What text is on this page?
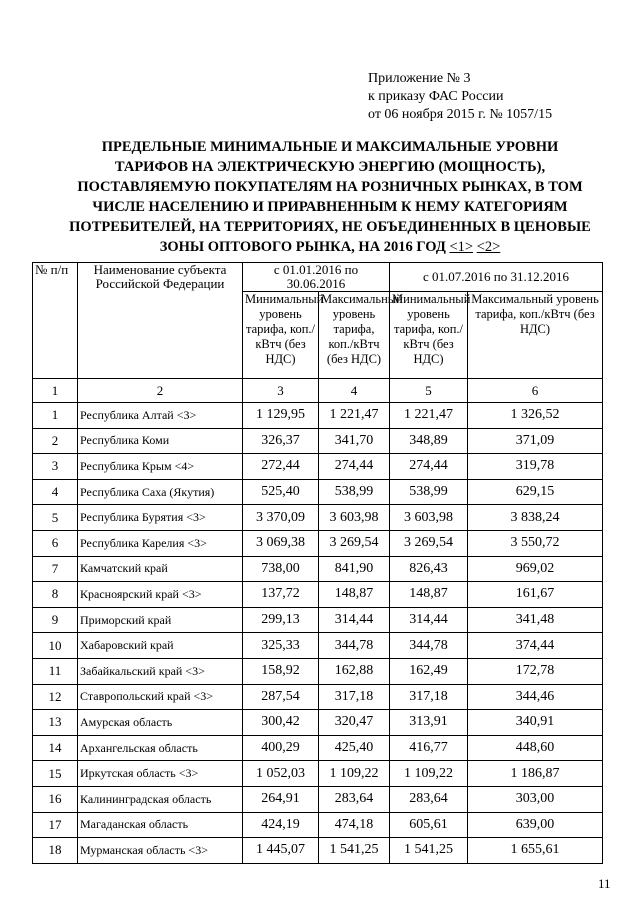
Приложение № 3
к приказу ФАС России
от 06 ноября 2015 г. № 1057/15
ПРЕДЕЛЬНЫЕ МИНИМАЛЬНЫЕ И МАКСИМАЛЬНЫЕ УРОВНИ
ТАРИФОВ НА ЭЛЕКТРИЧЕСКУЮ ЭНЕРГИЮ (МОЩНОСТЬ),
ПОСТАВЛЯЕМУЮ ПОКУПАТЕЛЯМ НА РОЗНИЧНЫХ РЫНКАХ, В ТОМ
ЧИСЛЕ НАСЕЛЕНИЮ И ПРИРАВНЕННЫМ К НЕМУ КАТЕГОРИЯМ
ПОТРЕБИТЕЛЕЙ, НА ТЕРРИТОРИЯХ, НЕ ОБЪЕДИНЕННЫХ В ЦЕНОВЫЕ
ЗОНЫ ОПТОВОГО РЫНКА, НА 2016 ГОД <1> <2>
№ п/п	Наименование субъекта Российской Федерации	с 01.01.2016 по 30.06.2016		с 01.07.2016 по 31.12.2016	
		Минимальный уровень тарифа, коп./кВтч (без НДС)	Максимальный уровень тарифа, коп./кВтч (без НДС)	Минимальный уровень тарифа, коп./кВтч (без НДС)	Максимальный уровень тарифа, коп./кВтч (без НДС)
1	2	3	4	5	6
1	Республика Алтай <3>	1 129,95	1 221,47	1 221,47	1 326,52
2	Республика Коми	326,37	341,70	348,89	371,09
3	Республика Крым <4>	272,44	274,44	274,44	319,78
4	Республика Саха (Якутия)	525,40	538,99	538,99	629,15
5	Республика Бурятия <3>	3 370,09	3 603,98	3 603,98	3 838,24
6	Республика Карелия <3>	3 069,38	3 269,54	3 269,54	3 550,72
7	Камчатский край	738,00	841,90	826,43	969,02
8	Красноярский край <3>	137,72	148,87	148,87	161,67
9	Приморский край	299,13	314,44	314,44	341,48
10	Хабаровский край	325,33	344,78	344,78	374,44
11	Забайкальский край <3>	158,92	162,88	162,49	172,78
12	Ставропольский край <3>	287,54	317,18	317,18	344,46
13	Амурская область	300,42	320,47	313,91	340,91
14	Архангельская область	400,29	425,40	416,77	448,60
15	Иркутская область <3>	1 052,03	1 109,22	1 109,22	1 186,87
16	Калининградская область	264,91	283,64	283,64	303,00
17	Магаданская область	424,19	474,18	605,61	639,00
18	Мурманская область <3>	1 445,07	1 541,25	1 541,25	1 655,61
11
